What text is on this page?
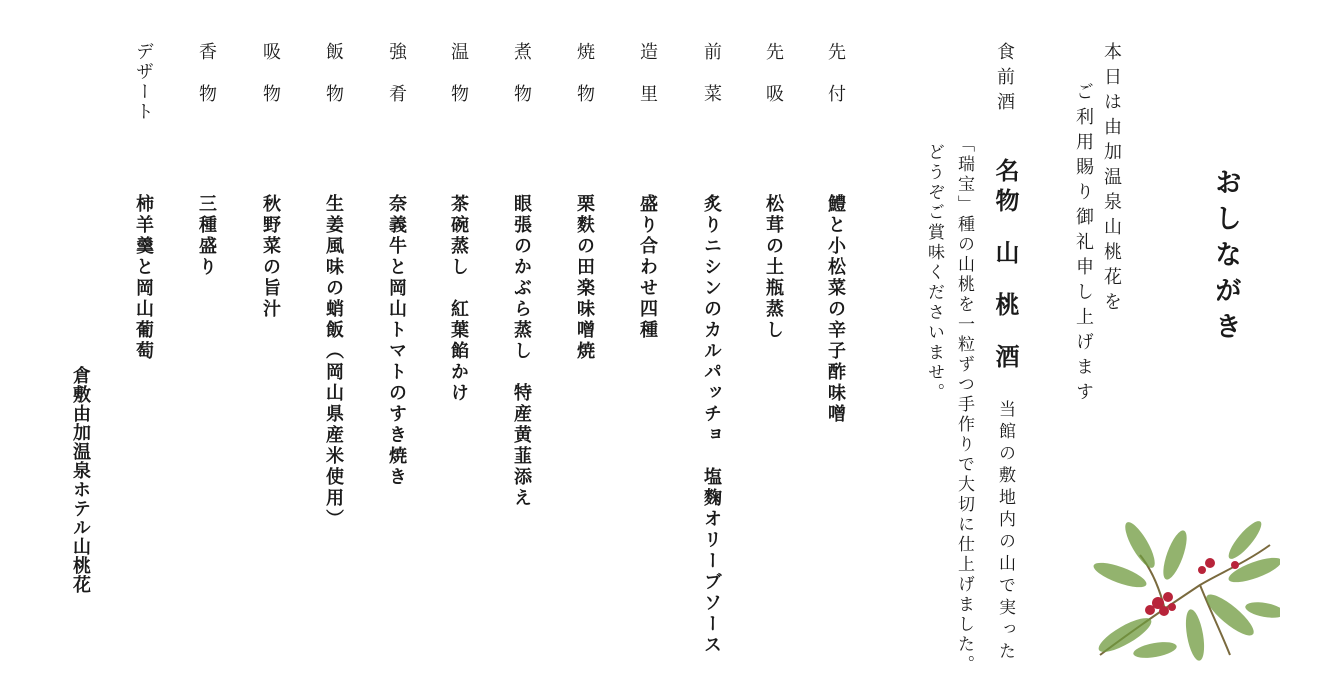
おしながき
本日は由加温泉山桃花を
ご利用賜り御礼申し上げます
食前酒
名物山桃酒
当館の敷地内の山で実った
「瑞宝」種の山桃を一粒ずつ手作りで大切に仕上げました。
どうぞご賞味くださいませ。
先付
先吸
前菜
造里
焼物
煮物
温物
強肴
飯物
吸物
香物
デザート
鱧と小松菜の辛子酢味噌
松茸の土瓶蒸し
炙りニシンのカルパッチョ　塩麴オリーブソース
盛り合わせ四種
栗麩の田楽味噌焼
眼張のかぶら蒸し　特産黄韮添え
茶碗蒸し　紅葉餡かけ
奈義牛と岡山トマトのすき焼き
生姜風味の蛸飯（岡山県産米使用）
秋野菜の旨汁
三種盛り
柿羊羹と岡山葡萄
倉敷由加温泉ホテル山桃花
